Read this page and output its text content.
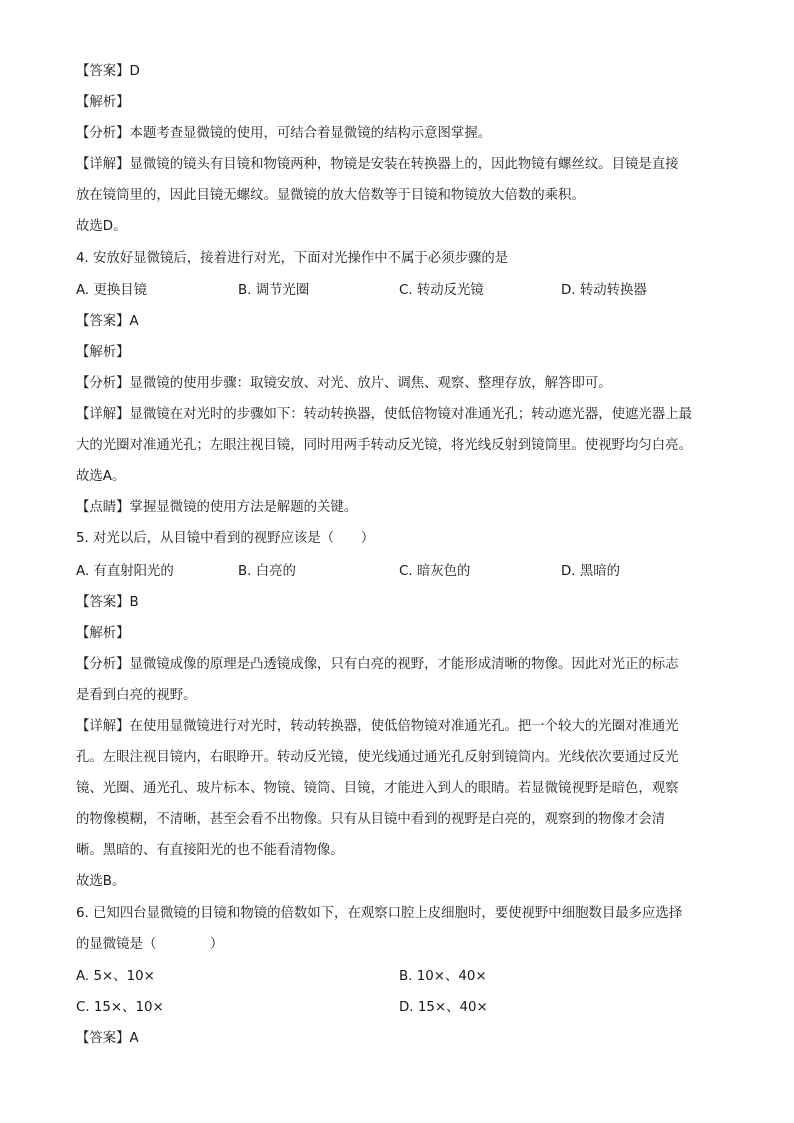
【答案】D

【解析】

【分析】本题考查显微镜的使用，可结合着显微镜的结构示意图掌握。

【详解】显微镜的镜头有目镜和物镜两种，物镜是安装在转换器上的，因此物镜有螺丝纹。目镜是直接

放在镜筒里的，因此目镜无螺纹。显微镜的放大倍数等于目镜和物镜放大倍数的乘积。

故选D。

4. 安放好显微镜后，接着进行对光，下面对光操作中不属于必须步骤的是

A. 更换目镜	B. 调节光圈	C. 转动反光镜	D. 转动转换器

【答案】A

【解析】

【分析】显微镜的使用步骤：取镜安放、对光、放片、调焦、观察、整理存放，解答即可。

【详解】显微镜在对光时的步骤如下：转动转换器，使低倍物镜对准通光孔；转动遮光器，使遮光器上最

大的光圈对准通光孔；左眼注视目镜，同时用两手转动反光镜，将光线反射到镜筒里。使视野均匀白亮。

故选A。

【点睛】掌握显微镜的使用方法是解题的关键。

5. 对光以后，从目镜中看到的视野应该是（　　）

A. 有直射阳光的	B. 白亮的	C. 暗灰色的	D. 黑暗的

【答案】B

【解析】

【分析】显微镜成像的原理是凸透镜成像，只有白亮的视野，才能形成清晰的物像。因此对光正的标志

是看到白亮的视野。

【详解】在使用显微镜进行对光时，转动转换器，使低倍物镜对准通光孔。把一个较大的光圈对准通光

孔。左眼注视目镜内，右眼睁开。转动反光镜，使光线通过通光孔反射到镜筒内。光线依次要通过反光

镜、光圈、通光孔、玻片标本、物镜、镜筒、目镜，才能进入到人的眼睛。若显微镜视野是暗色，观察

的物像模糊，不清晰，甚至会看不出物像。只有从目镜中看到的视野是白亮的，观察到的物像才会清

晰。黑暗的、有直接阳光的也不能看清物像。

故选B。

6. 已知四台显微镜的目镜和物镜的倍数如下，在观察口腔上皮细胞时，要使视野中细胞数目最多应选择

的显微镜是（　　　　）

A. 5×、10×	B. 10×、40×
C. 15×、10×	D. 15×、40×

【答案】A
